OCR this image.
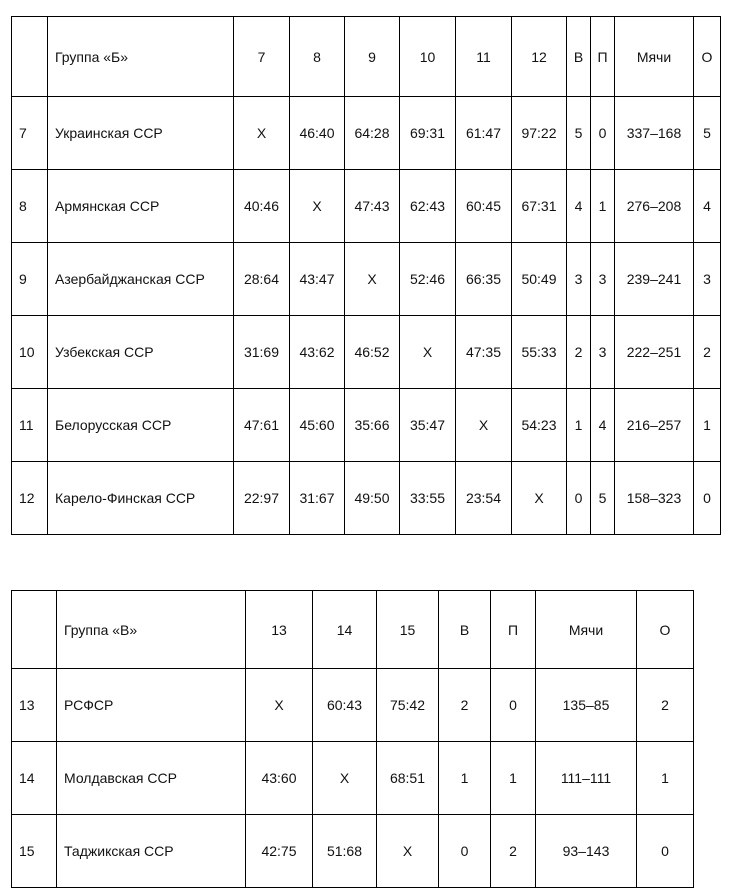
	Группа «Б»	7	8	9	10	11	12	В	П	Мячи	О
7	Украинская ССР	X	46:40	64:28	69:31	61:47	97:22	5	0	337–168	5
8	Армянская ССР	40:46	X	47:43	62:43	60:45	67:31	4	1	276–208	4
9	Азербайджанская ССР	28:64	43:47	X	52:46	66:35	50:49	3	3	239–241	3
10	Узбекская ССР	31:69	43:62	46:52	X	47:35	55:33	2	3	222–251	2
11	Белорусская ССР	47:61	45:60	35:66	35:47	X	54:23	1	4	216–257	1
12	Карело-Финская ССР	22:97	31:67	49:50	33:55	23:54	X	0	5	158–323	0
	Группа «В»	13	14	15	В	П	Мячи	О
13	РСФСР	X	60:43	75:42	2	0	135–85	2
14	Молдавская ССР	43:60	X	68:51	1	1	111–111	1
15	Таджикская ССР	42:75	51:68	X	0	2	93–143	0
